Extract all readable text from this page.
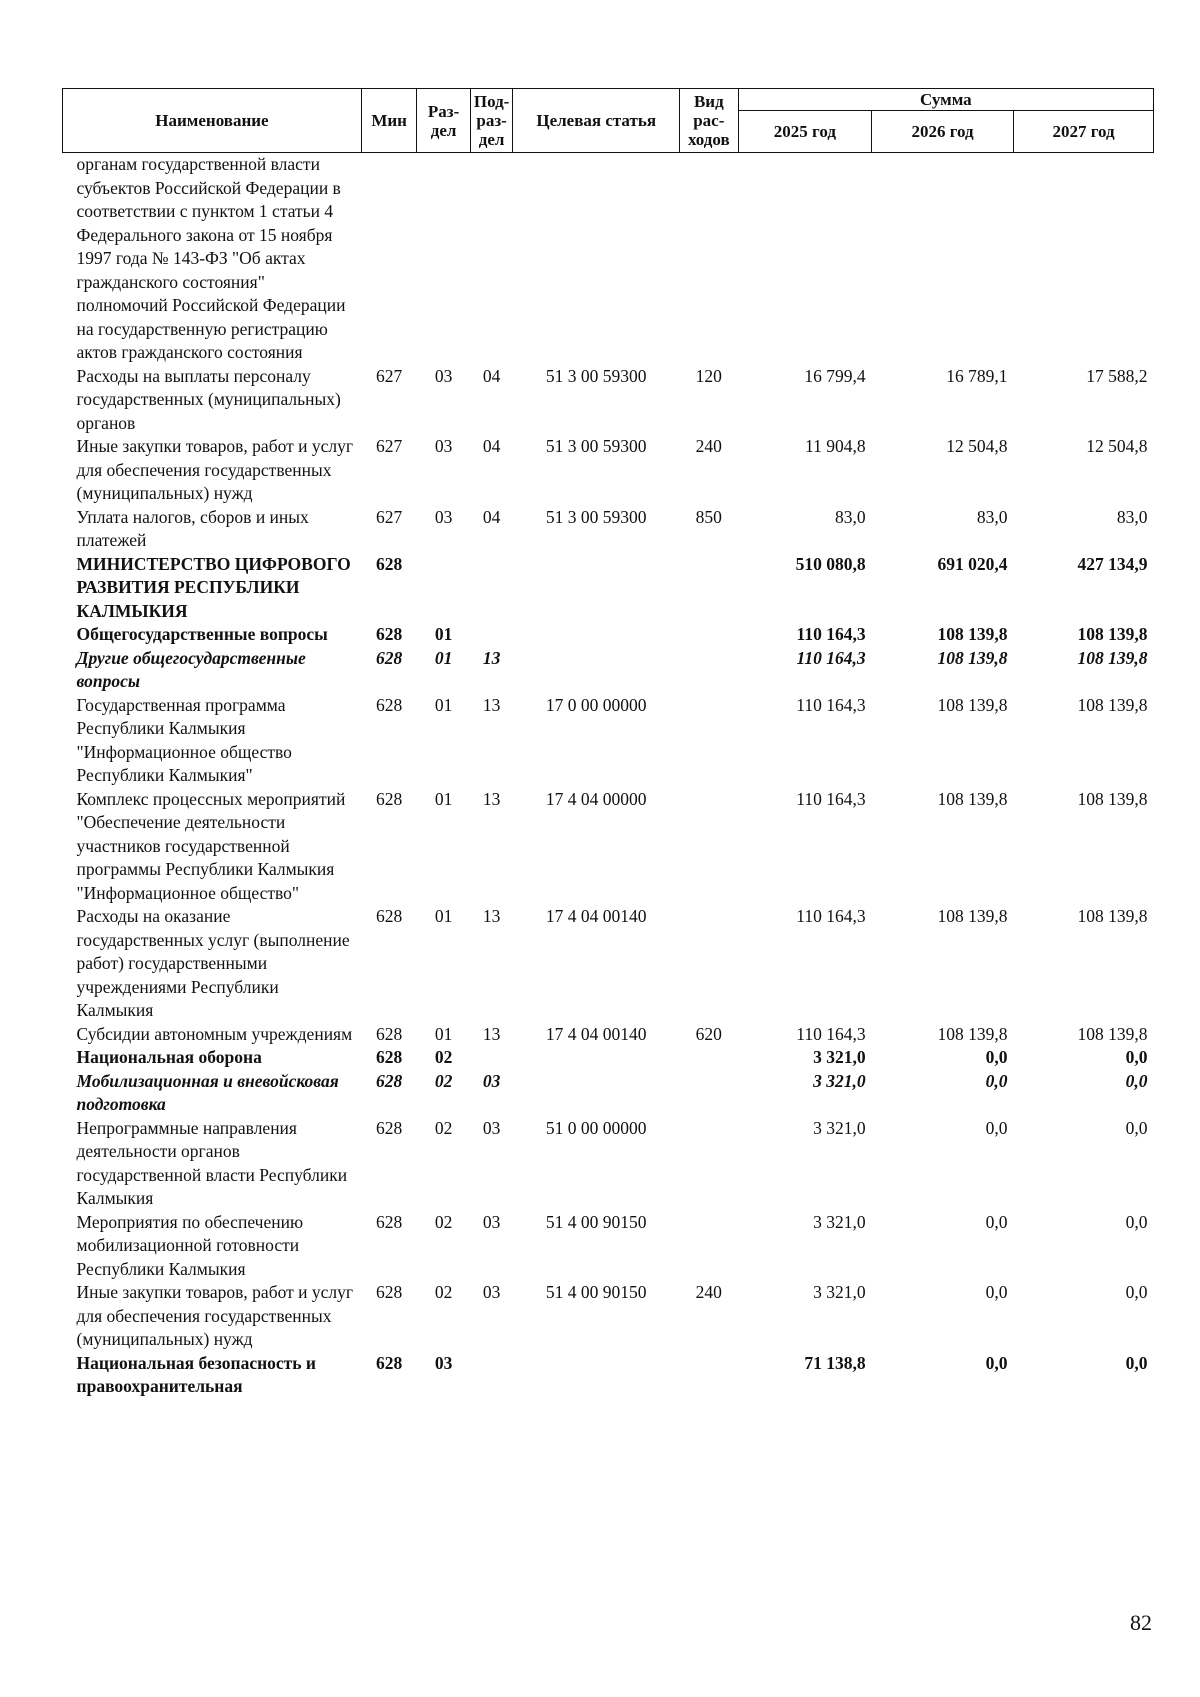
Наименование	Мин	Раз-дел	Под-раз-дел	Целевая статья	Вид рас-ходов	Сумма		
						2025 год	2026 год	2027 год
органам государственной власти субъектов Российской Федерации в соответствии с пунктом 1 статьи 4 Федерального закона от 15 ноября 1997 года № 143-ФЗ "Об актах гражданского состояния" полномочий Российской Федерации на государственную регистрацию актов гражданского состояния								
Расходы на выплаты персоналу государственных (муниципальных) органов	627	03	04	51 3 00 59300	120	16 799,4	16 789,1	17 588,2
Иные закупки товаров, работ и услуг для обеспечения государственных (муниципальных) нужд	627	03	04	51 3 00 59300	240	11 904,8	12 504,8	12 504,8
Уплата налогов, сборов и иных платежей	627	03	04	51 3 00 59300	850	83,0	83,0	83,0
МИНИСТЕРСТВО ЦИФРОВОГО РАЗВИТИЯ РЕСПУБЛИКИ КАЛМЫКИЯ	628					510 080,8	691 020,4	427 134,9
Общегосударственные вопросы	628	01				110 164,3	108 139,8	108 139,8
Другие общегосударственные вопросы	628	01	13			110 164,3	108 139,8	108 139,8
Государственная программа Республики Калмыкия "Информационное общество Республики Калмыкия"	628	01	13	17 0 00 00000		110 164,3	108 139,8	108 139,8
Комплекс процессных мероприятий "Обеспечение деятельности участников государственной программы Республики Калмыкия "Информационное общество"	628	01	13	17 4 04 00000		110 164,3	108 139,8	108 139,8
Расходы на оказание государственных услуг (выполнение работ) государственными учреждениями Республики Калмыкия	628	01	13	17 4 04 00140		110 164,3	108 139,8	108 139,8
Субсидии автономным учреждениям	628	01	13	17 4 04 00140	620	110 164,3	108 139,8	108 139,8
Национальная оборона	628	02				3 321,0	0,0	0,0
Мобилизационная и вневойсковая подготовка	628	02	03			3 321,0	0,0	0,0
Непрограммные направления деятельности органов государственной власти Республики Калмыкия	628	02	03	51 0 00 00000		3 321,0	0,0	0,0
Мероприятия по обеспечению мобилизационной готовности Республики Калмыкия	628	02	03	51 4 00 90150		3 321,0	0,0	0,0
Иные закупки товаров, работ и услуг для обеспечения государственных (муниципальных) нужд	628	02	03	51 4 00 90150	240	3 321,0	0,0	0,0
Национальная безопасность и правоохранительная	628	03				71 138,8	0,0	0,0
82
